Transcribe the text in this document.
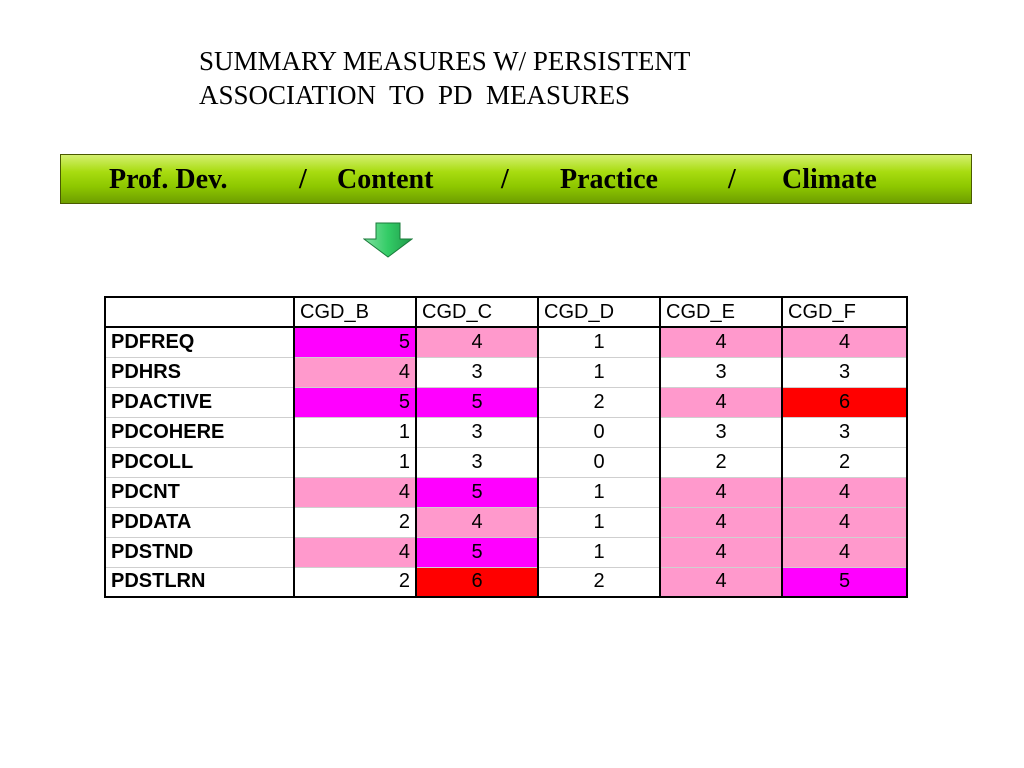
SUMMARY MEASURES W/ PERSISTENT
ASSOCIATION  TO  PD  MEASURES
Prof. Dev.	/ Content / Practice	/ Climate
	CGD_B	CGD_C	CGD_D	CGD_E	CGD_F
PDFREQ	5	4	1	4	4
PDHRS	4	3	1	3	3
PDACTIVE	5	5	2	4	6
PDCOHERE	1	3	0	3	3
PDCOLL	1	3	0	2	2
PDCNT	4	5	1	4	4
PDDATA	2	4	1	4	4
PDSTND	4	5	1	4	4
PDSTLRN	2	6	2	4	5
